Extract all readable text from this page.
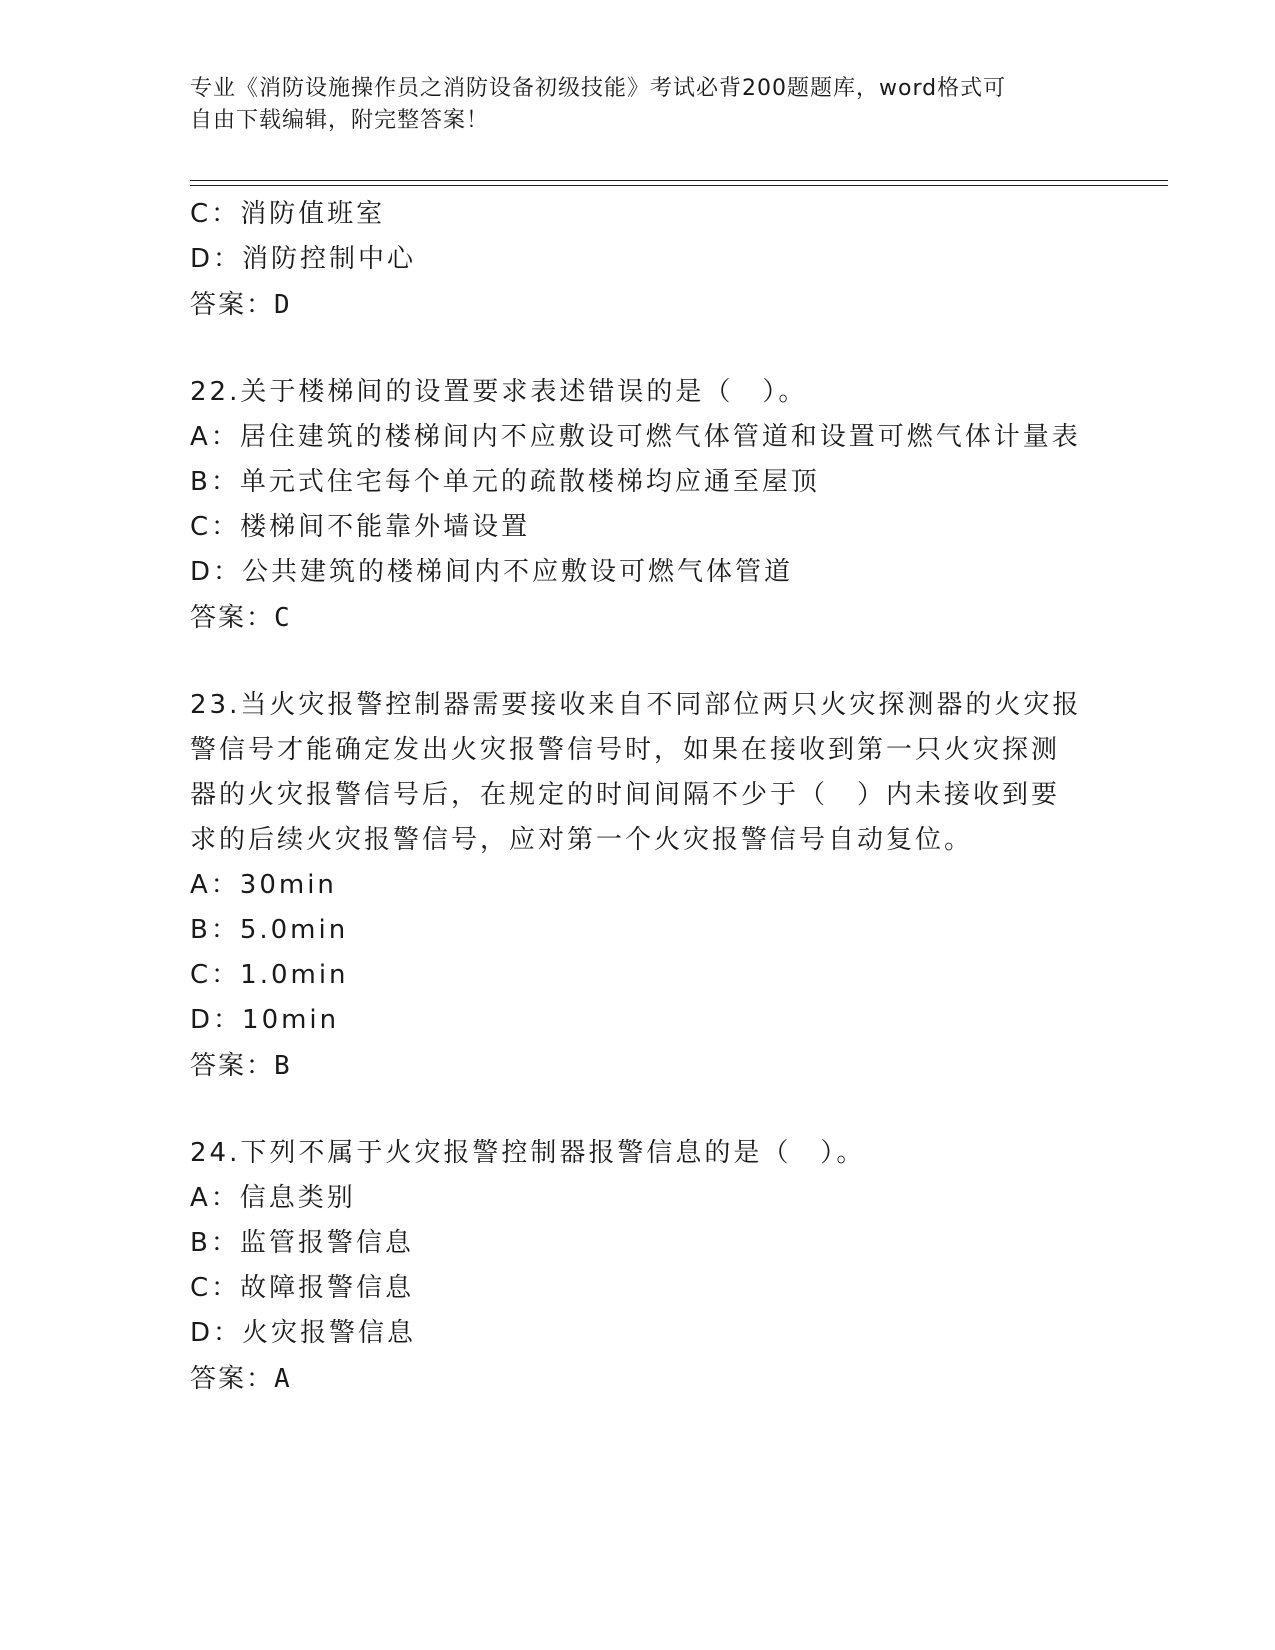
专业《消防设施操作员之消防设备初级技能》考试必背200题题库，word格式可
自由下载编辑，附完整答案！
C：消防值班室
D：消防控制中心
答案：D
22.关于楼梯间的设置要求表述错误的是（　）。
A：居住建筑的楼梯间内不应敷设可燃气体管道和设置可燃气体计量表
B：单元式住宅每个单元的疏散楼梯均应通至屋顶
C：楼梯间不能靠外墙设置
D：公共建筑的楼梯间内不应敷设可燃气体管道
答案：C
23.当火灾报警控制器需要接收来自不同部位两只火灾探测器的火灾报
警信号才能确定发出火灾报警信号时，如果在接收到第一只火灾探测
器的火灾报警信号后，在规定的时间间隔不少于（　）内未接收到要
求的后续火灾报警信号，应对第一个火灾报警信号自动复位。
A：30min
B：5.0min
C：1.0min
D：10min
答案：B
24.下列不属于火灾报警控制器报警信息的是（　）。
A：信息类别
B：监管报警信息
C：故障报警信息
D：火灾报警信息
答案：A
